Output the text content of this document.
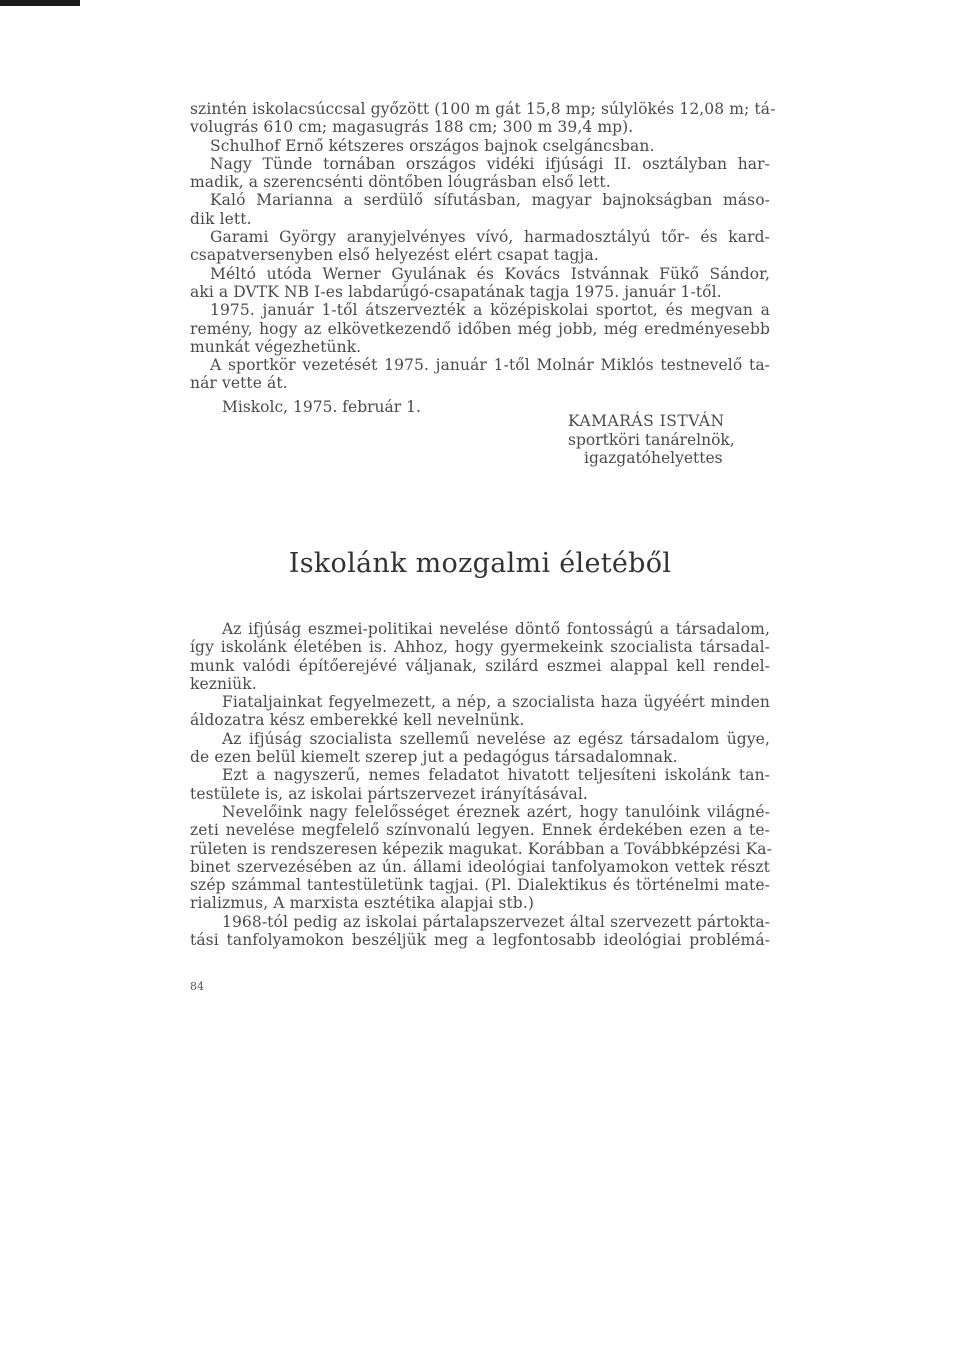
szintén iskolacsúccsal győzött (100 m gát 15,8 mp; súlylökés 12,08 m; tá-
volugrás 610 cm; magasugrás 188 cm; 300 m 39,4 mp).
Schulhof Ernő kétszeres országos bajnok cselgáncsban.
Nagy Tünde tornában országos vidéki ifjúsági II. osztályban har-
madik, a szerencsénti döntőben lóugrásban első lett.
Kaló Marianna a serdülő sífutásban, magyar bajnokságban máso-
dik lett.
Garami György aranyjelvényes vívó, harmadosztályú tőr- és kard-
csapatversenyben első helyezést elért csapat tagja.
Méltó utóda Werner Gyulának és Kovács Istvánnak Fükő Sándor,
aki a DVTK NB I-es labdarúgó-csapatának tagja 1975. január 1-től.
1975. január 1-től átszervezték a középiskolai sportot, és megvan a
remény, hogy az elkövetkezendő időben még jobb, még eredményesebb
munkát végezhetünk.
A sportkör vezetését 1975. január 1-től Molnár Miklós testnevelő ta-
nár vette át.
Miskolc, 1975. február 1.
KAMARÁS ISTVÁN
sportköri tanárelnök,
igazgatóhelyettes
Iskolánk mozgalmi életéből
Az ifjúság eszmei-politikai nevelése döntő fontosságú a társadalom,
így iskolánk életében is. Ahhoz, hogy gyermekeink szocialista társadal-
munk valódi építőerejévé váljanak, szilárd eszmei alappal kell rendel-
kezniük.
Fiataljainkat fegyelmezett, a nép, a szocialista haza ügyéért minden
áldozatra kész emberekké kell nevelnünk.
Az ifjúság szocialista szellemű nevelése az egész társadalom ügye,
de ezen belül kiemelt szerep jut a pedagógus társadalomnak.
Ezt a nagyszerű, nemes feladatot hivatott teljesíteni iskolánk tan-
testülete is, az iskolai pártszervezet irányításával.
Nevelőink nagy felelősséget éreznek azért, hogy tanulóink világné-
zeti nevelése megfelelő színvonalú legyen. Ennek érdekében ezen a te-
rületen is rendszeresen képezik magukat. Korábban a Továbbképzési Ka-
binet szervezésében az ún. állami ideológiai tanfolyamokon vettek részt
szép számmal tantestületünk tagjai. (Pl. Dialektikus és történelmi mate-
rializmus, A marxista esztétika alapjai stb.)
1968-tól pedig az iskolai pártalapszervezet által szervezett pártokta-
tási tanfolyamokon beszéljük meg a legfontosabb ideológiai problémá-
84
